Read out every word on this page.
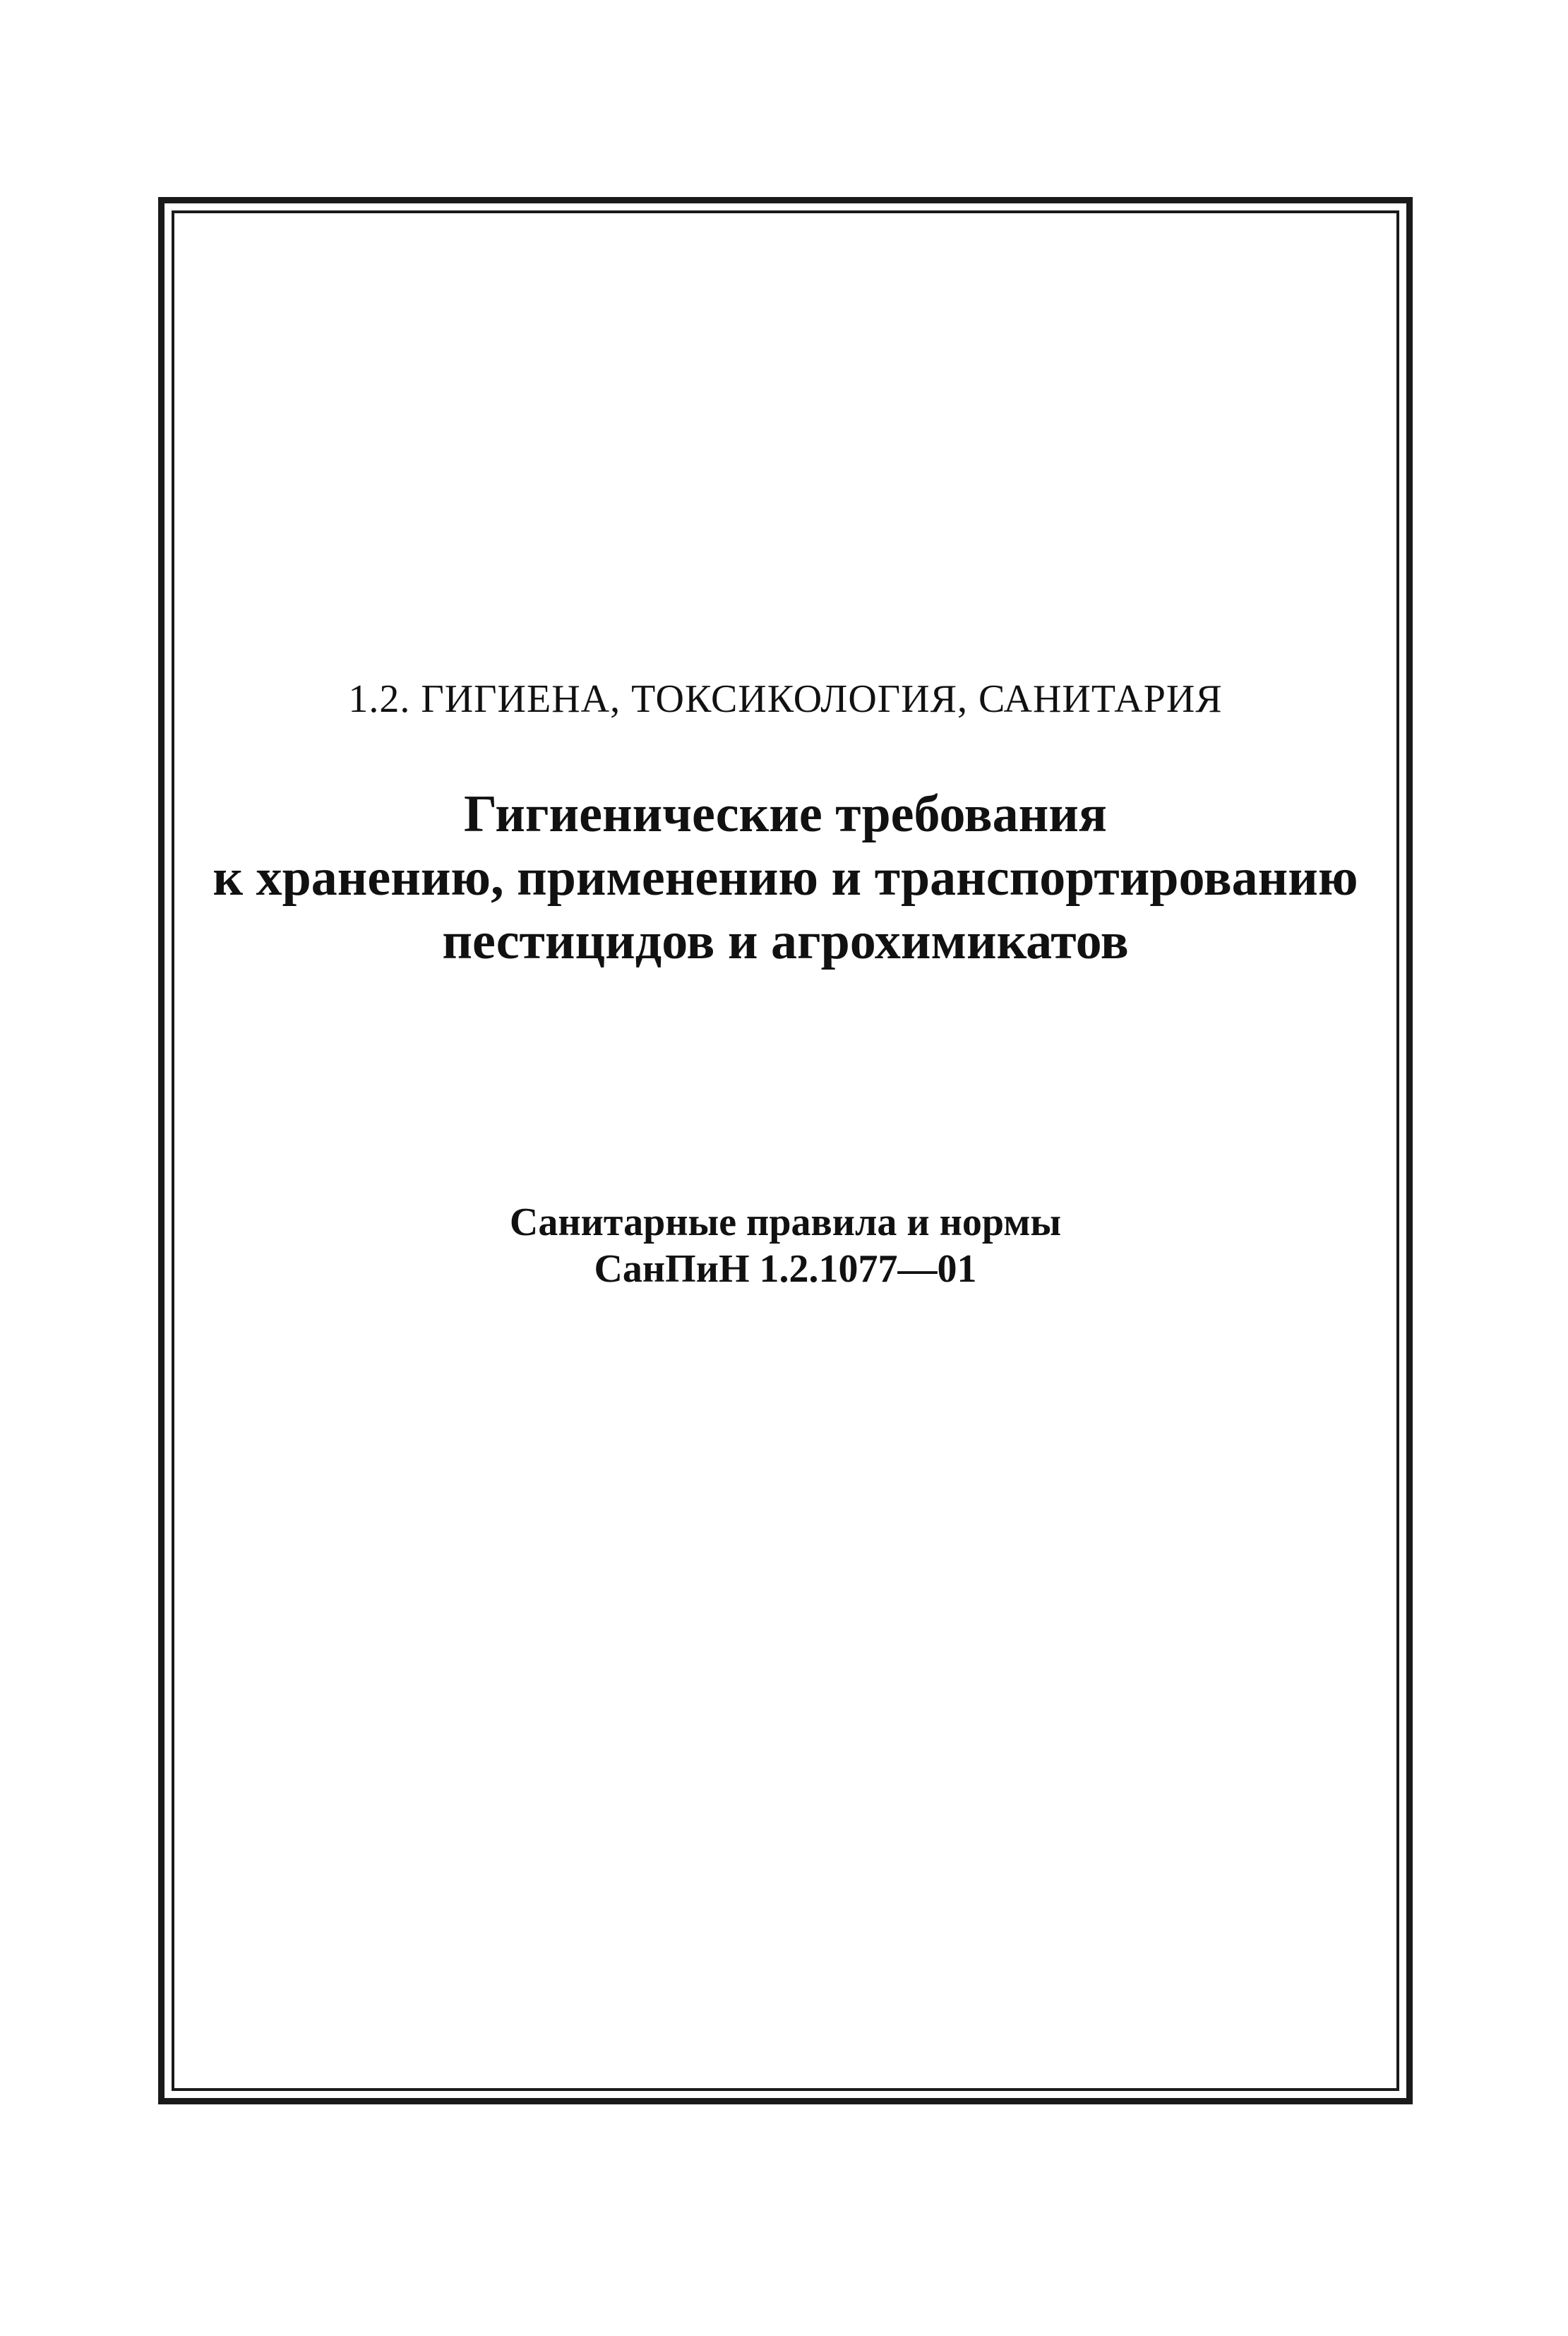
1.2. ГИГИЕНА, ТОКСИКОЛОГИЯ, САНИТАРИЯ
Гигиенические требования
к хранению, применению и транспортированию
пестицидов и агрохимикатов
Санитарные правила и нормы
СанПиН 1.2.1077—01
